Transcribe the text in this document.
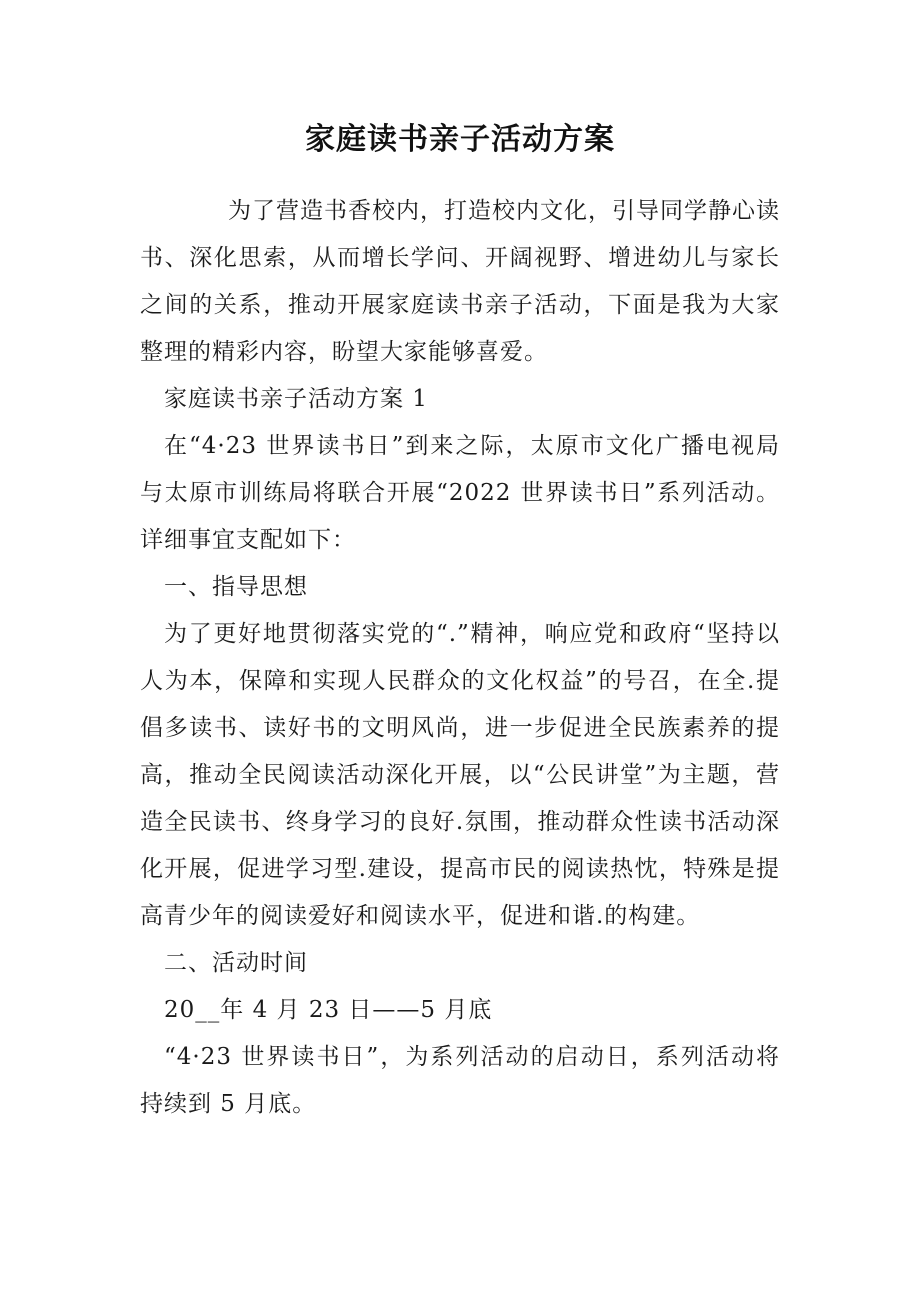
家庭读书亲子活动方案

为了营造书香校内，打造校内文化，引导同学静心读书、深化思索，从而增长学问、开阔视野、增进幼儿与家长之间的关系，推动开展家庭读书亲子活动，下面是我为大家整理的精彩内容，盼望大家能够喜爱。

家庭读书亲子活动方案 1

在“4·23 世界读书日”到来之际，太原市文化广播电视局与太原市训练局将联合开展“2022 世界读书日”系列活动。详细事宜支配如下：

一、指导思想

为了更好地贯彻落实党的“.”精神，响应党和政府“坚持以人为本，保障和实现人民群众的文化权益”的号召，在全.提倡多读书、读好书的文明风尚，进一步促进全民族素养的提高，推动全民阅读活动深化开展，以“公民讲堂”为主题，营造全民读书、终身学习的良好.氛围，推动群众性读书活动深化开展，促进学习型.建设，提高市民的阅读热忱，特殊是提高青少年的阅读爱好和阅读水平，促进和谐.的构建。

二、活动时间

20__年 4 月 23 日——5 月底

“4·23 世界读书日”，为系列活动的启动日，系列活动将持续到 5 月底。
